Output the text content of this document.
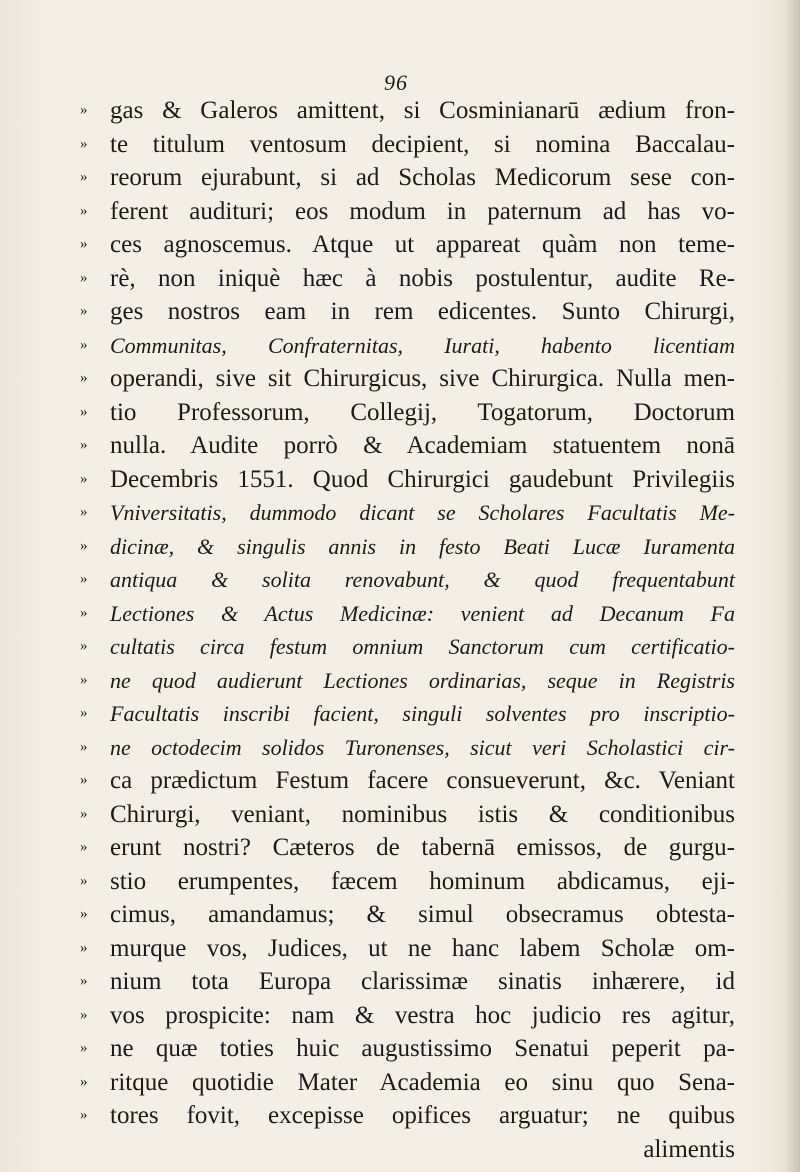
96
» gas & Galeros amittent, si Cosminianarū ædium fron-
» te titulum ventosum decipient, si nomina Baccalau-
» reorum ejurabunt, si ad Scholas Medicorum sese con-
» ferent audituri; eos modum in paternum ad has vo-
» ces agnoscemus. Atque ut appareat quàm non teme-
» rè, non iniquè hæc à nobis postulentur, audite Re-
» ges nostros eam in rem edicentes. Sunto Chirurgi,
» Communitas, Confraternitas, Iurati, habento licentiam
» operandi, sive sit Chirurgicus, sive Chirurgica. Nulla men-
» tio Professorum, Collegij, Togatorum, Doctorum
» nulla. Audite porrò & Academiam statuentem nonā
» Decembris 1551. Quod Chirurgici gaudebunt Privilegiis
» Vniversitatis, dummodo dicant se Scholares Facultatis Me-
» dicinæ, & singulis annis in festo Beati Lucæ Iuramenta
» antiqua & solita renovabunt, & quod frequentabunt
» Lectiones & Actus Medicinæ: venient ad Decanum Fa
» cultatis circa festum omnium Sanctorum cum certificatio-
» ne quod audierunt Lectiones ordinarias, seque in Registris
» Facultatis inscribi facient, singuli solventes pro inscriptio-
» ne octodecim solidos Turonenses, sicut veri Scholastici cir-
» ca prædictum Festum facere consueverunt, &c. Veniant
» Chirurgi, veniant, nominibus istis & conditionibus
» erunt nostri? Cæteros de tabernā emissos, de gurgu-
» stio erumpentes, fæcem hominum abdicamus, eji-
» cimus, amandamus; & simul obsecramus obtesta-
» murque vos, Judices, ut ne hanc labem Scholæ om-
» nium tota Europa clarissimæ sinatis inhærere, id
» vos prospicite: nam & vestra hoc judicio res agitur,
» ne quæ toties huic augustissimo Senatui peperit pa-
» ritque quotidie Mater Academia eo sinu quo Sena-
» tores fovit, excepisse opifices arguatur; ne quibus
alimentis
